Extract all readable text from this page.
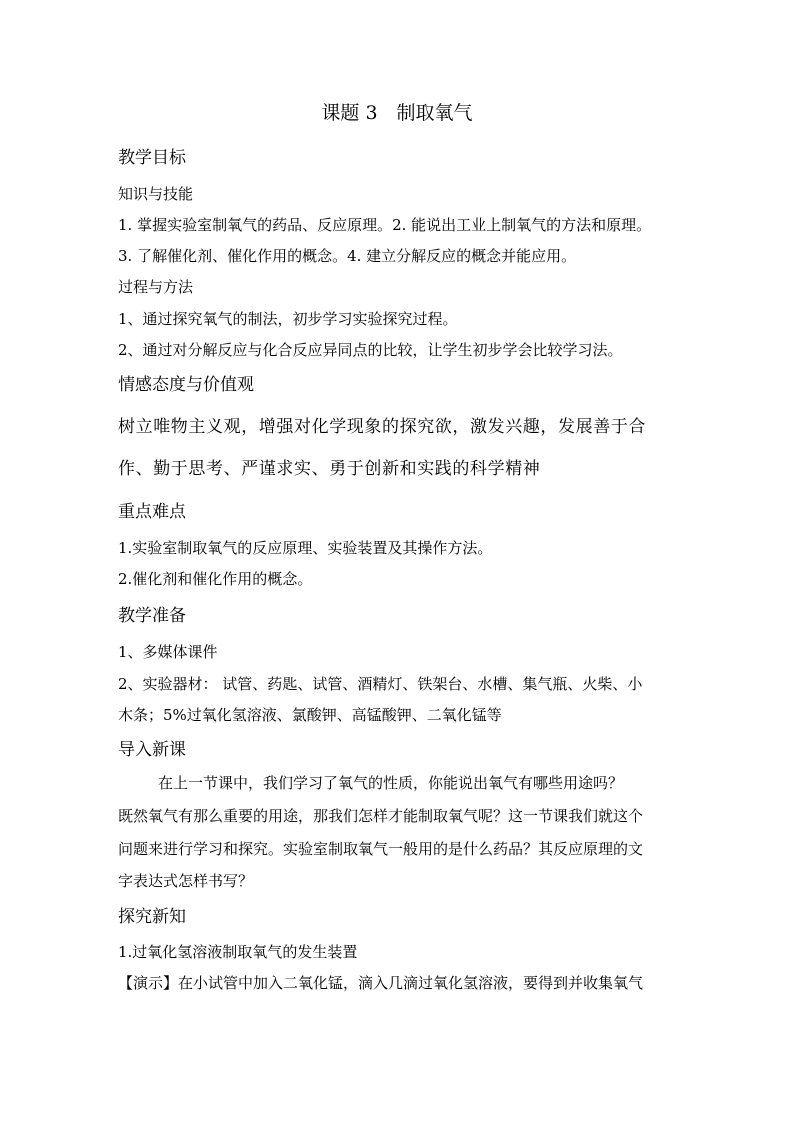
课题 3　制取氧气
教学目标
知识与技能
1. 掌握实验室制氧气的药品、反应原理。2. 能说出工业上制氧气的方法和原理。
3. 了解催化剂、催化作用的概念。4. 建立分解反应的概念并能应用。
过程与方法
1、通过探究氧气的制法，初步学习实验探究过程。
2、通过对分解反应与化合反应异同点的比较，让学生初步学会比较学习法。
情感态度与价值观
树立唯物主义观，增强对化学现象的探究欲，激发兴趣，发展善于合
作、勤于思考、严谨求实、勇于创新和实践的科学精神
重点难点
1.实验室制取氧气的反应原理、实验装置及其操作方法。
2.催化剂和催化作用的概念。
教学准备
1、多媒体课件
2、实验器材： 试管、药匙、试管、酒精灯、铁架台、水槽、集气瓶、火柴、小
木条；5%过氧化氢溶液、氯酸钾、高锰酸钾、二氧化锰等
导入新课
在上一节课中，我们学习了氧气的性质，你能说出氧气有哪些用途吗？
既然氧气有那么重要的用途，那我们怎样才能制取氧气呢？这一节课我们就这个
问题来进行学习和探究。实验室制取氧气一般用的是什么药品？其反应原理的文
字表达式怎样书写？
探究新知
1.过氧化氢溶液制取氧气的发生装置
【演示】在小试管中加入二氧化锰，滴入几滴过氧化氢溶液，要得到并收集氧气
